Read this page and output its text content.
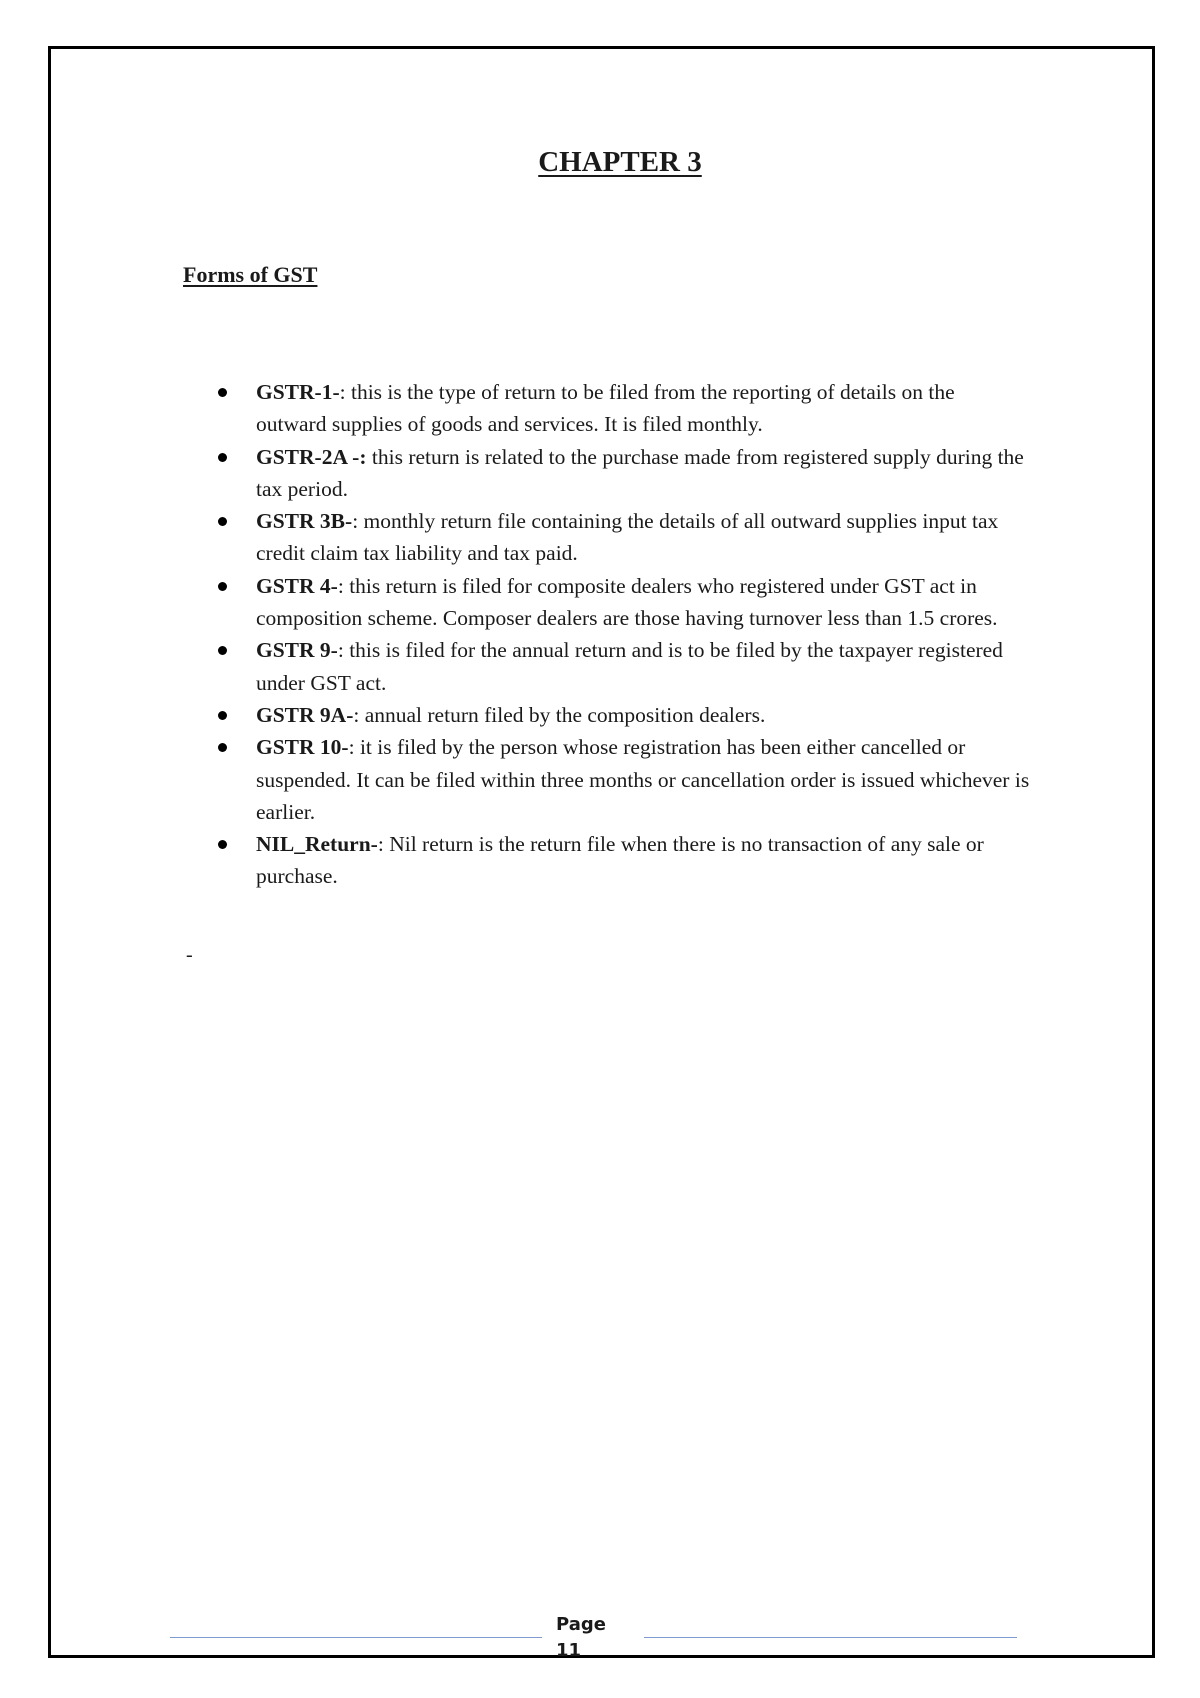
CHAPTER 3
Forms of GST
GSTR-1-: this is the type of return to be filed from the reporting of details on the outward supplies of goods and services. It is filed monthly.
GSTR-2A -: this return is related to the purchase made from registered supply during the tax period.
GSTR 3B-: monthly return file containing the details of all outward supplies input tax credit claim tax liability and tax paid.
GSTR 4-: this return is filed for composite dealers who registered under GST act in composition scheme. Composer dealers are those having turnover less than 1.5 crores.
GSTR 9-: this is filed for the annual return and is to be filed by the taxpayer registered under GST act.
GSTR 9A-: annual return filed by the composition dealers.
GSTR 10-: it is filed by the person whose registration has been either cancelled or suspended. It can be filed within three months or cancellation order is issued whichever is earlier.
NIL_Return-: Nil return is the return file when there is no transaction of any sale or purchase.
-
Page 11
